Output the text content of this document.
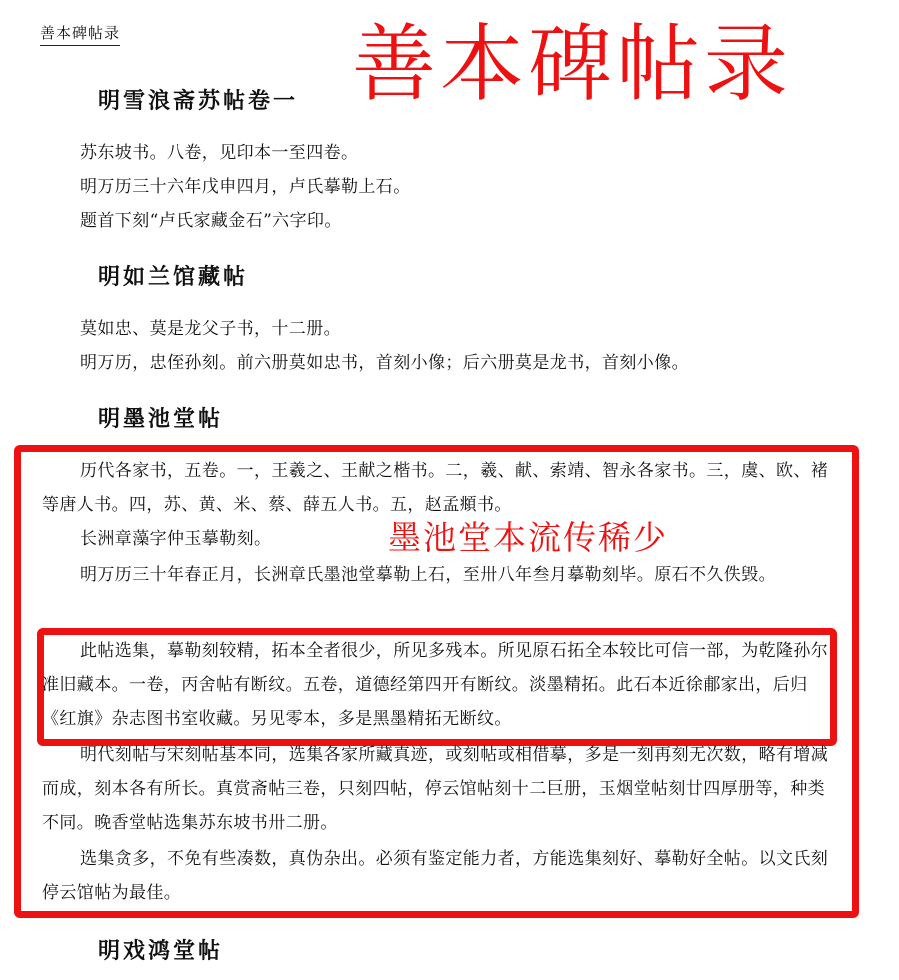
善本碑帖录	善本碑帖录
明雪浪斋苏帖卷一
苏东坡书。八卷，见印本一至四卷。
明万历三十六年戊申四月，卢氏摹勒上石。
题首下刻“卢氏家藏金石”六字印。
明如兰馆藏帖
莫如忠、莫是龙父子书，十二册。
明万历，忠侄孙刻。前六册莫如忠书，首刻小像；后六册莫是龙书，首刻小像。
明墨池堂帖
历代各家书，五卷。一，王羲之、王献之楷书。二，羲、献、索靖、智永各家书。三，虞、欧、褚等唐人书。四，苏、黄、米、蔡、薛五人书。五，赵孟頫书。
长洲章藻字仲玉摹勒刻。
明万历三十年春正月，长洲章氏墨池堂摹勒上石，至卅八年叁月摹勒刻毕。原石不久佚毁。
此帖选集，摹勒刻较精，拓本全者很少，所见多残本。所见原石拓全本较比可信一部，为乾隆孙尔准旧藏本。一卷，丙舍帖有断纹。五卷，道德经第四开有断纹。淡墨精拓。此石本近徐郙家出，后归《红旗》杂志图书室收藏。另见零本，多是黑墨精拓无断纹。
明代刻帖与宋刻帖基本同，选集各家所藏真迹，或刻帖或相借摹，多是一刻再刻无次数，略有增减而成，刻本各有所长。真赏斋帖三卷，只刻四帖，停云馆帖刻十二巨册，玉烟堂帖刻廿四厚册等，种类不同。晚香堂帖选集苏东坡书卅二册。
选集贪多，不免有些凑数，真伪杂出。必须有鉴定能力者，方能选集刻好、摹勒好全帖。以文氏刻停云馆帖为最佳。
墨池堂本流传稀少
明戏鸿堂帖
